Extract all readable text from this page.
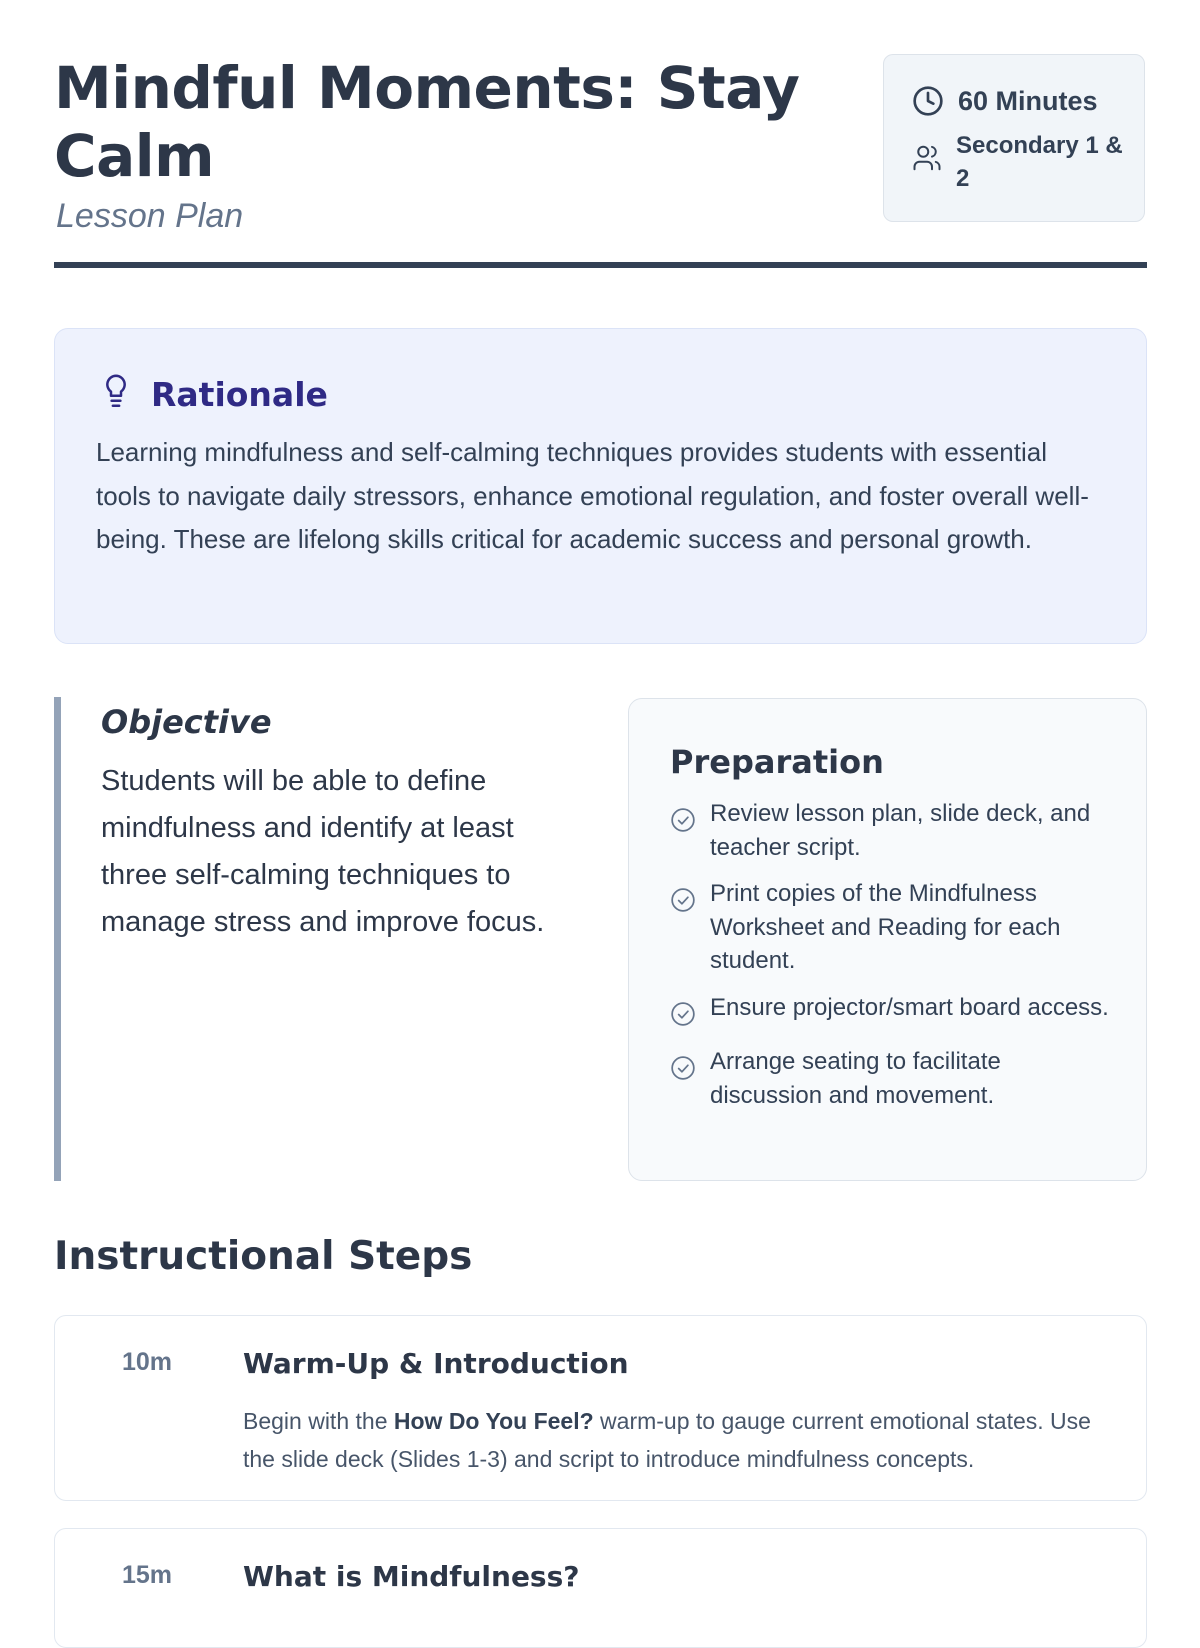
Mindful Moments: Stay Calm

Lesson Plan

60 Minutes
Secondary 1 & 2
Rationale

Learning mindfulness and self-calming techniques provides students with essential tools to navigate daily stressors, enhance emotional regulation, and foster overall well-being. These are lifelong skills critical for academic success and personal growth.

Objective

Students will be able to define mindfulness and identify at least three self-calming techniques to manage stress and improve focus.

Preparation
Review lesson plan, slide deck, and teacher script.
Print copies of the Mindfulness Worksheet and Reading for each student.
Ensure projector/smart board access.
Arrange seating to facilitate discussion and movement.
Instructional Steps
10m	Warm-Up & Introduction

Begin with the How Do You Feel? warm-up to gauge current emotional states. Use the slide deck (Slides 1-3) and script to introduce mindfulness concepts.

15m	What is Mindfulness?
